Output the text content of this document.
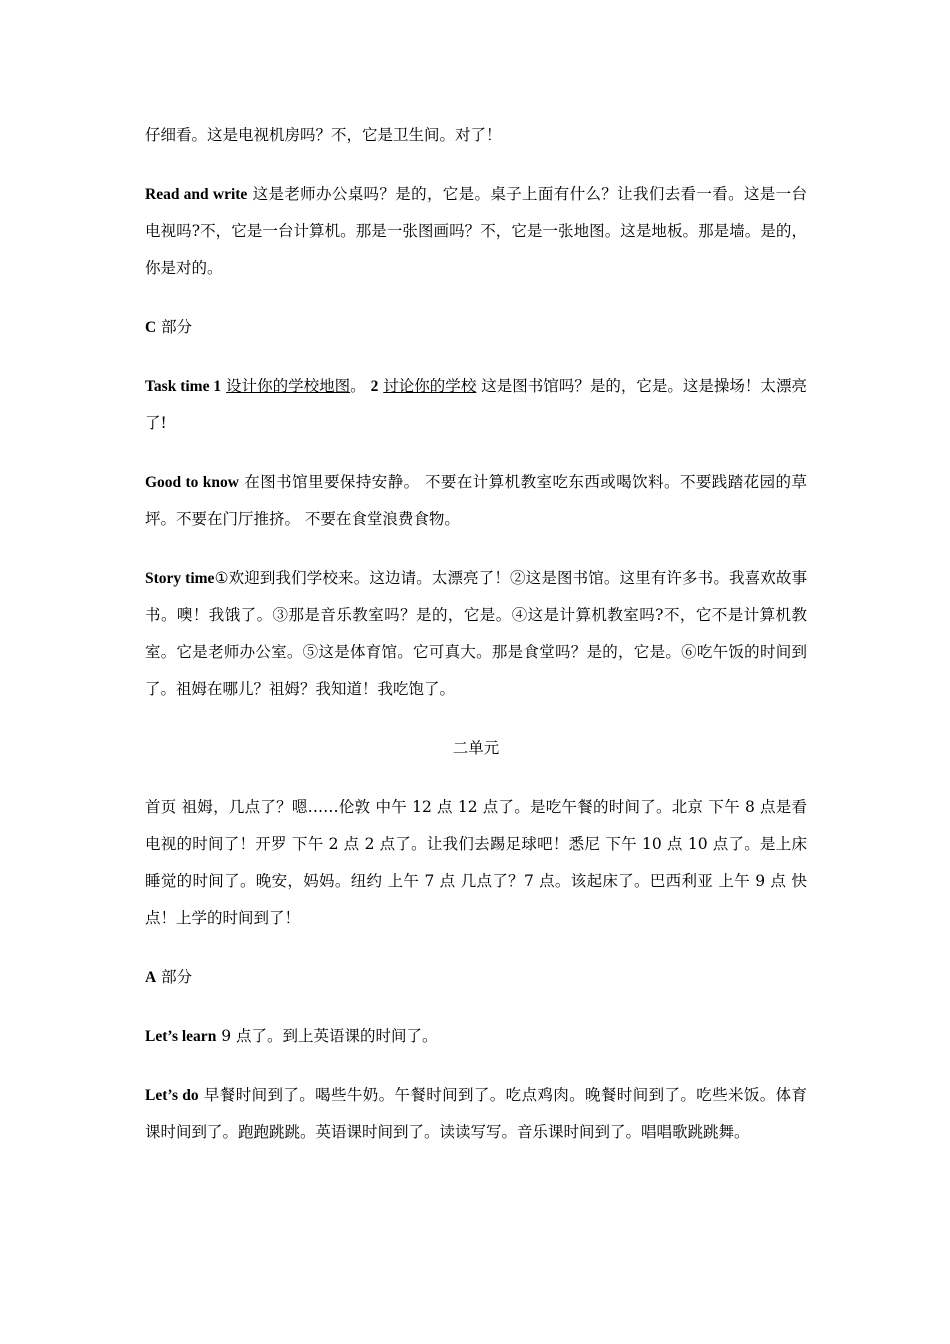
仔细看。这是电视机房吗？不，它是卫生间。对了！

Read and write 这是老师办公桌吗？是的，它是。桌子上面有什么？让我们去看一看。这是一台电视吗?不，它是一台计算机。那是一张图画吗？不，它是一张地图。这是地板。那是墙。是的，你是对的。

C 部分

Task time 1 设计你的学校地图。 2 讨论你的学校 这是图书馆吗？是的，它是。这是操场！太漂亮了!

Good to know 在图书馆里要保持安静。 不要在计算机教室吃东西或喝饮料。不要践踏花园的草坪。不要在门厅推挤。 不要在食堂浪费食物。

Story time①欢迎到我们学校来。这边请。太漂亮了！②这是图书馆。这里有许多书。我喜欢故事书。噢！我饿了。③那是音乐教室吗？是的，它是。④这是计算机教室吗?不，它不是计算机教室。它是老师办公室。⑤这是体育馆。它可真大。那是食堂吗？是的，它是。⑥吃午饭的时间到了。祖姆在哪儿？祖姆？我知道！我吃饱了。

二单元

首页 祖姆，几点了？嗯……伦敦 中午 12 点 12 点了。是吃午餐的时间了。北京 下午 8 点是看电视的时间了！开罗 下午 2 点 2 点了。让我们去踢足球吧！悉尼 下午 10 点 10 点了。是上床睡觉的时间了。晚安，妈妈。纽约 上午 7 点 几点了？7 点。该起床了。巴西利亚 上午 9 点 快点！上学的时间到了！

A 部分

Let’s learn 9 点了。到上英语课的时间了。

Let’s do 早餐时间到了。喝些牛奶。午餐时间到了。吃点鸡肉。晚餐时间到了。吃些米饭。体育课时间到了。跑跑跳跳。英语课时间到了。读读写写。音乐课时间到了。唱唱歌跳跳舞。
